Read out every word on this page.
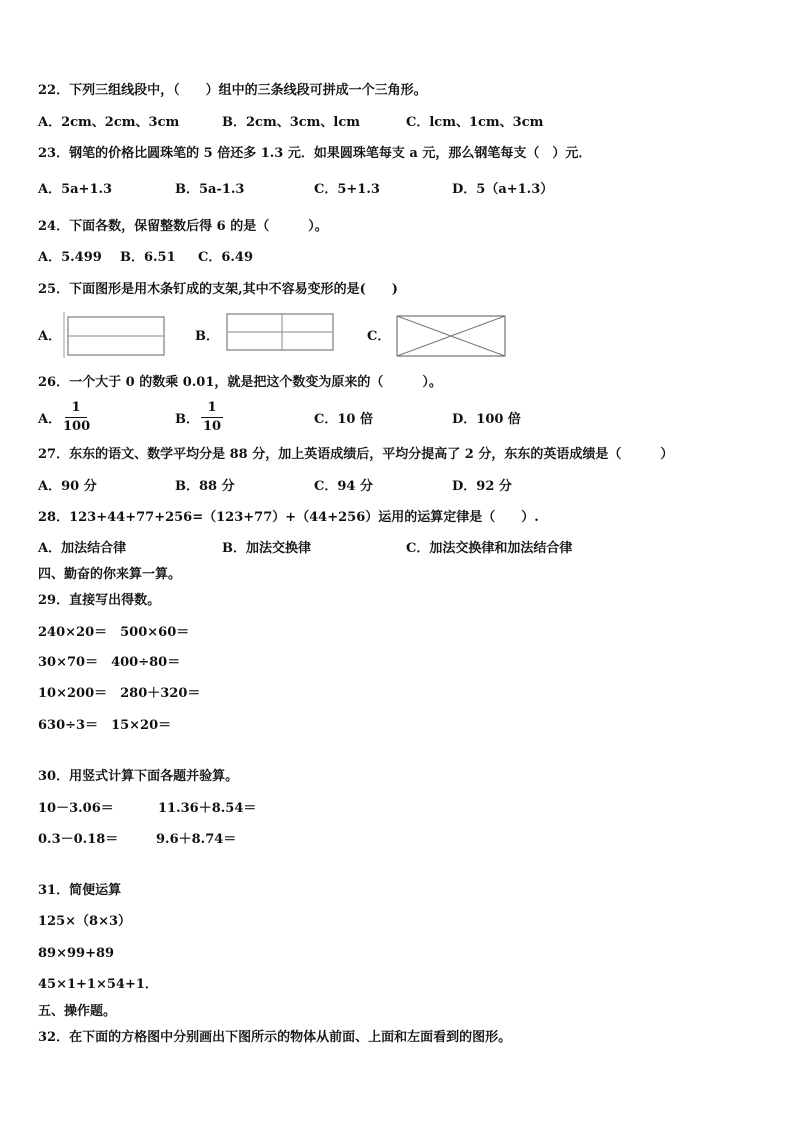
22．下列三组线段中，（　　）组中的三条线段可拼成一个三角形。
A．2cm、2cm、3cm	B．2cm、3cm、lcm	C．lcm、1cm、3cm
23．钢笔的价格比圆珠笔的 5 倍还多 1.3 元．如果圆珠笔每支 a 元，那么钢笔每支（　）元．
A．5a+1.3	B．5a-1.3	C．5+1.3	D．5（a+1.3）
24．下面各数，保留整数后得 6 的是（　　　）。
A．5.499 B．6.51 C．6.49
25．下面图形是用木条钉成的支架,其中不容易变形的是(　　)
A．	B．	C．
26．一个大于 0 的数乘 0.01，就是把这个数变为原来的（　　　）。
A．
1
100	B．
1
10	C．10 倍	D．100 倍
27．东东的语文、数学平均分是 88 分，加上英语成绩后，平均分提高了 2 分，东东的英语成绩是（　　　）
A．90 分	B．88 分	C．94 分	D．92 分
28．123+44+77+256=（123+77）+（44+256）运用的运算定律是（　　）.
A．加法结合律	B．加法交换律	C．加法交换律和加法结合律
四、勤奋的你来算一算。
29．直接写出得数。
240×20＝　500×60＝
30×70＝　400÷80＝
10×200＝　280＋320＝
630÷3＝　15×20＝
30．用竖式计算下面各题并验算。
10－3.06＝	11.36＋8.54＝
0.3－0.18＝	9.6＋8.74＝
31．简便运算
125×（8×3）
89×99+89
45×1+1×54+1．
五、操作题。
32．在下面的方格图中分别画出下图所示的物体从前面、上面和左面看到的图形。
